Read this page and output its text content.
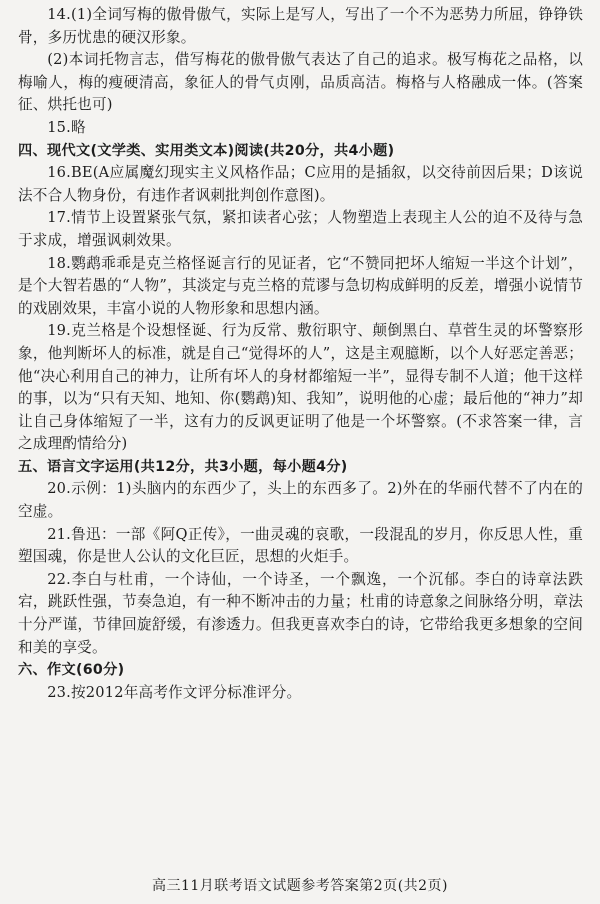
14.(1)全词写梅的傲骨傲气，实际上是写人，写出了一个不为恶势力所屈，铮铮铁骨，多历忧患的硬汉形象。

(2)本词托物言志，借写梅花的傲骨傲气表达了自己的追求。极写梅花之品格，以梅喻人，梅的瘦硬清高，象征人的骨气贞刚，品质高洁。梅格与人格融成一体。(答案征、烘托也可)

15.略

四、现代文(文学类、实用类文本)阅读(共20分，共4小题)

16.BE(A应属魔幻现实主义风格作品；C应用的是插叙，以交待前因后果；D该说法不合人物身份，有违作者讽刺批判创作意图)。

17.情节上设置紧张气氛，紧扣读者心弦；人物塑造上表现主人公的迫不及待与急于求成，增强讽刺效果。

18.鹦鹉乖乖是克兰格怪诞言行的见证者，它“不赞同把坏人缩短一半这个计划”，是个大智若愚的“人物”，其淡定与克兰格的荒谬与急切构成鲜明的反差，增强小说情节的戏剧效果，丰富小说的人物形象和思想内涵。

19.克兰格是个设想怪诞、行为反常、敷衍职守、颠倒黑白、草菅生灵的坏警察形象，他判断坏人的标准，就是自己“觉得坏的人”，这是主观臆断，以个人好恶定善恶；他“决心利用自己的神力，让所有坏人的身材都缩短一半”，显得专制不人道；他干这样的事，以为“只有天知、地知、你(鹦鹉)知、我知”，说明他的心虚；最后他的“神力”却让自己身体缩短了一半，这有力的反讽更证明了他是一个坏警察。(不求答案一律，言之成理酌情给分)

五、语言文字运用(共12分，共3小题，每小题4分)

20.示例：1)头脑内的东西少了，头上的东西多了。2)外在的华丽代替不了内在的空虚。

21.鲁迅：一部《阿Q正传》，一曲灵魂的哀歌，一段混乱的岁月，你反思人性，重塑国魂，你是世人公认的文化巨匠，思想的火炬手。

22.李白与杜甫，一个诗仙，一个诗圣，一个飘逸，一个沉郁。李白的诗章法跌宕，跳跃性强，节奏急迫，有一种不断冲击的力量；杜甫的诗意象之间脉络分明，章法十分严谨，节律回旋舒缓，有渗透力。但我更喜欢李白的诗，它带给我更多想象的空间和美的享受。

六、作文(60分)

23.按2012年高考作文评分标准评分。

高三11月联考语文试题参考答案第2页(共2页)
